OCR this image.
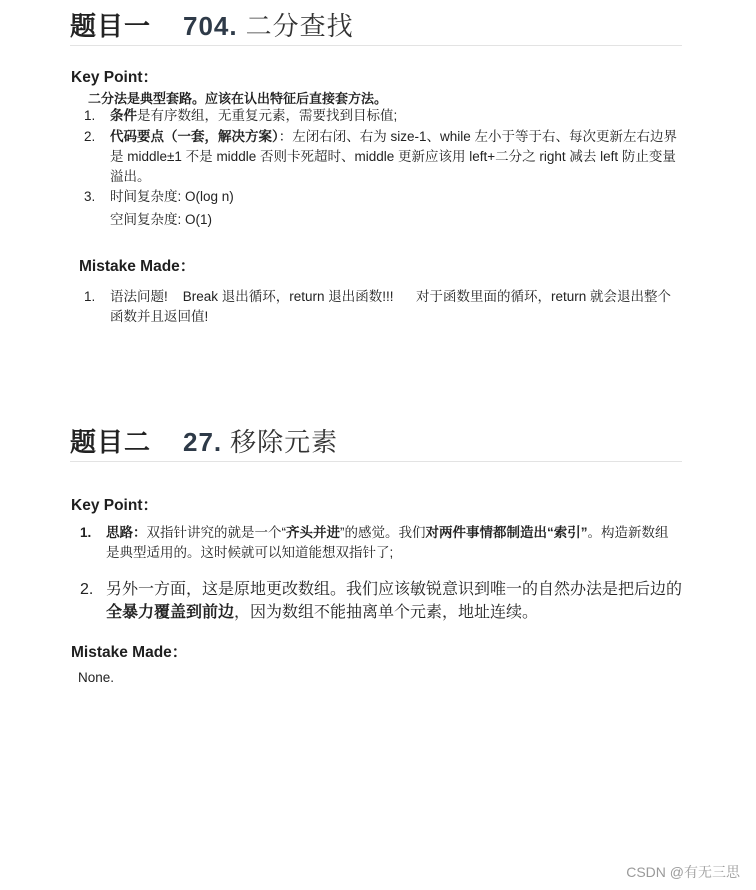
题目一 704. 二分查找
Key Point：
二分法是典型套路。应该在认出特征后直接套方法。
1. 条件是有序数组，无重复元素，需要找到目标值;
2. 代码要点（一套，解决方案）：左闭右闭、右为 size-1、while 左小于等于右、每次更新左右边界是 middle±1 不是 middle 否则卡死超时、middle 更新应该用 left+二分之 right 减去 left 防止变量溢出。
3. 时间复杂度: O(log n)
空间复杂度: O(1)
Mistake Made：
1. 语法问题!    Break 退出循环，return 退出函数!!!      对于函数里面的循环，return 就会退出整个函数并且返回值!
题目二 27. 移除元素
Key Point：
1. 思路：双指针讲究的就是一个“齐头并进”的感觉。我们对两件事情都制造出“索引”。构造新数组是典型适用的。这时候就可以知道能想双指针了;
2. 另外一方面，这是原地更改数组。我们应该敏锐意识到唯一的自然办法是把后边的全暴力覆盖到前边，因为数组不能抽离单个元素，地址连续。
Mistake Made：
None.
CSDN @有无三思
